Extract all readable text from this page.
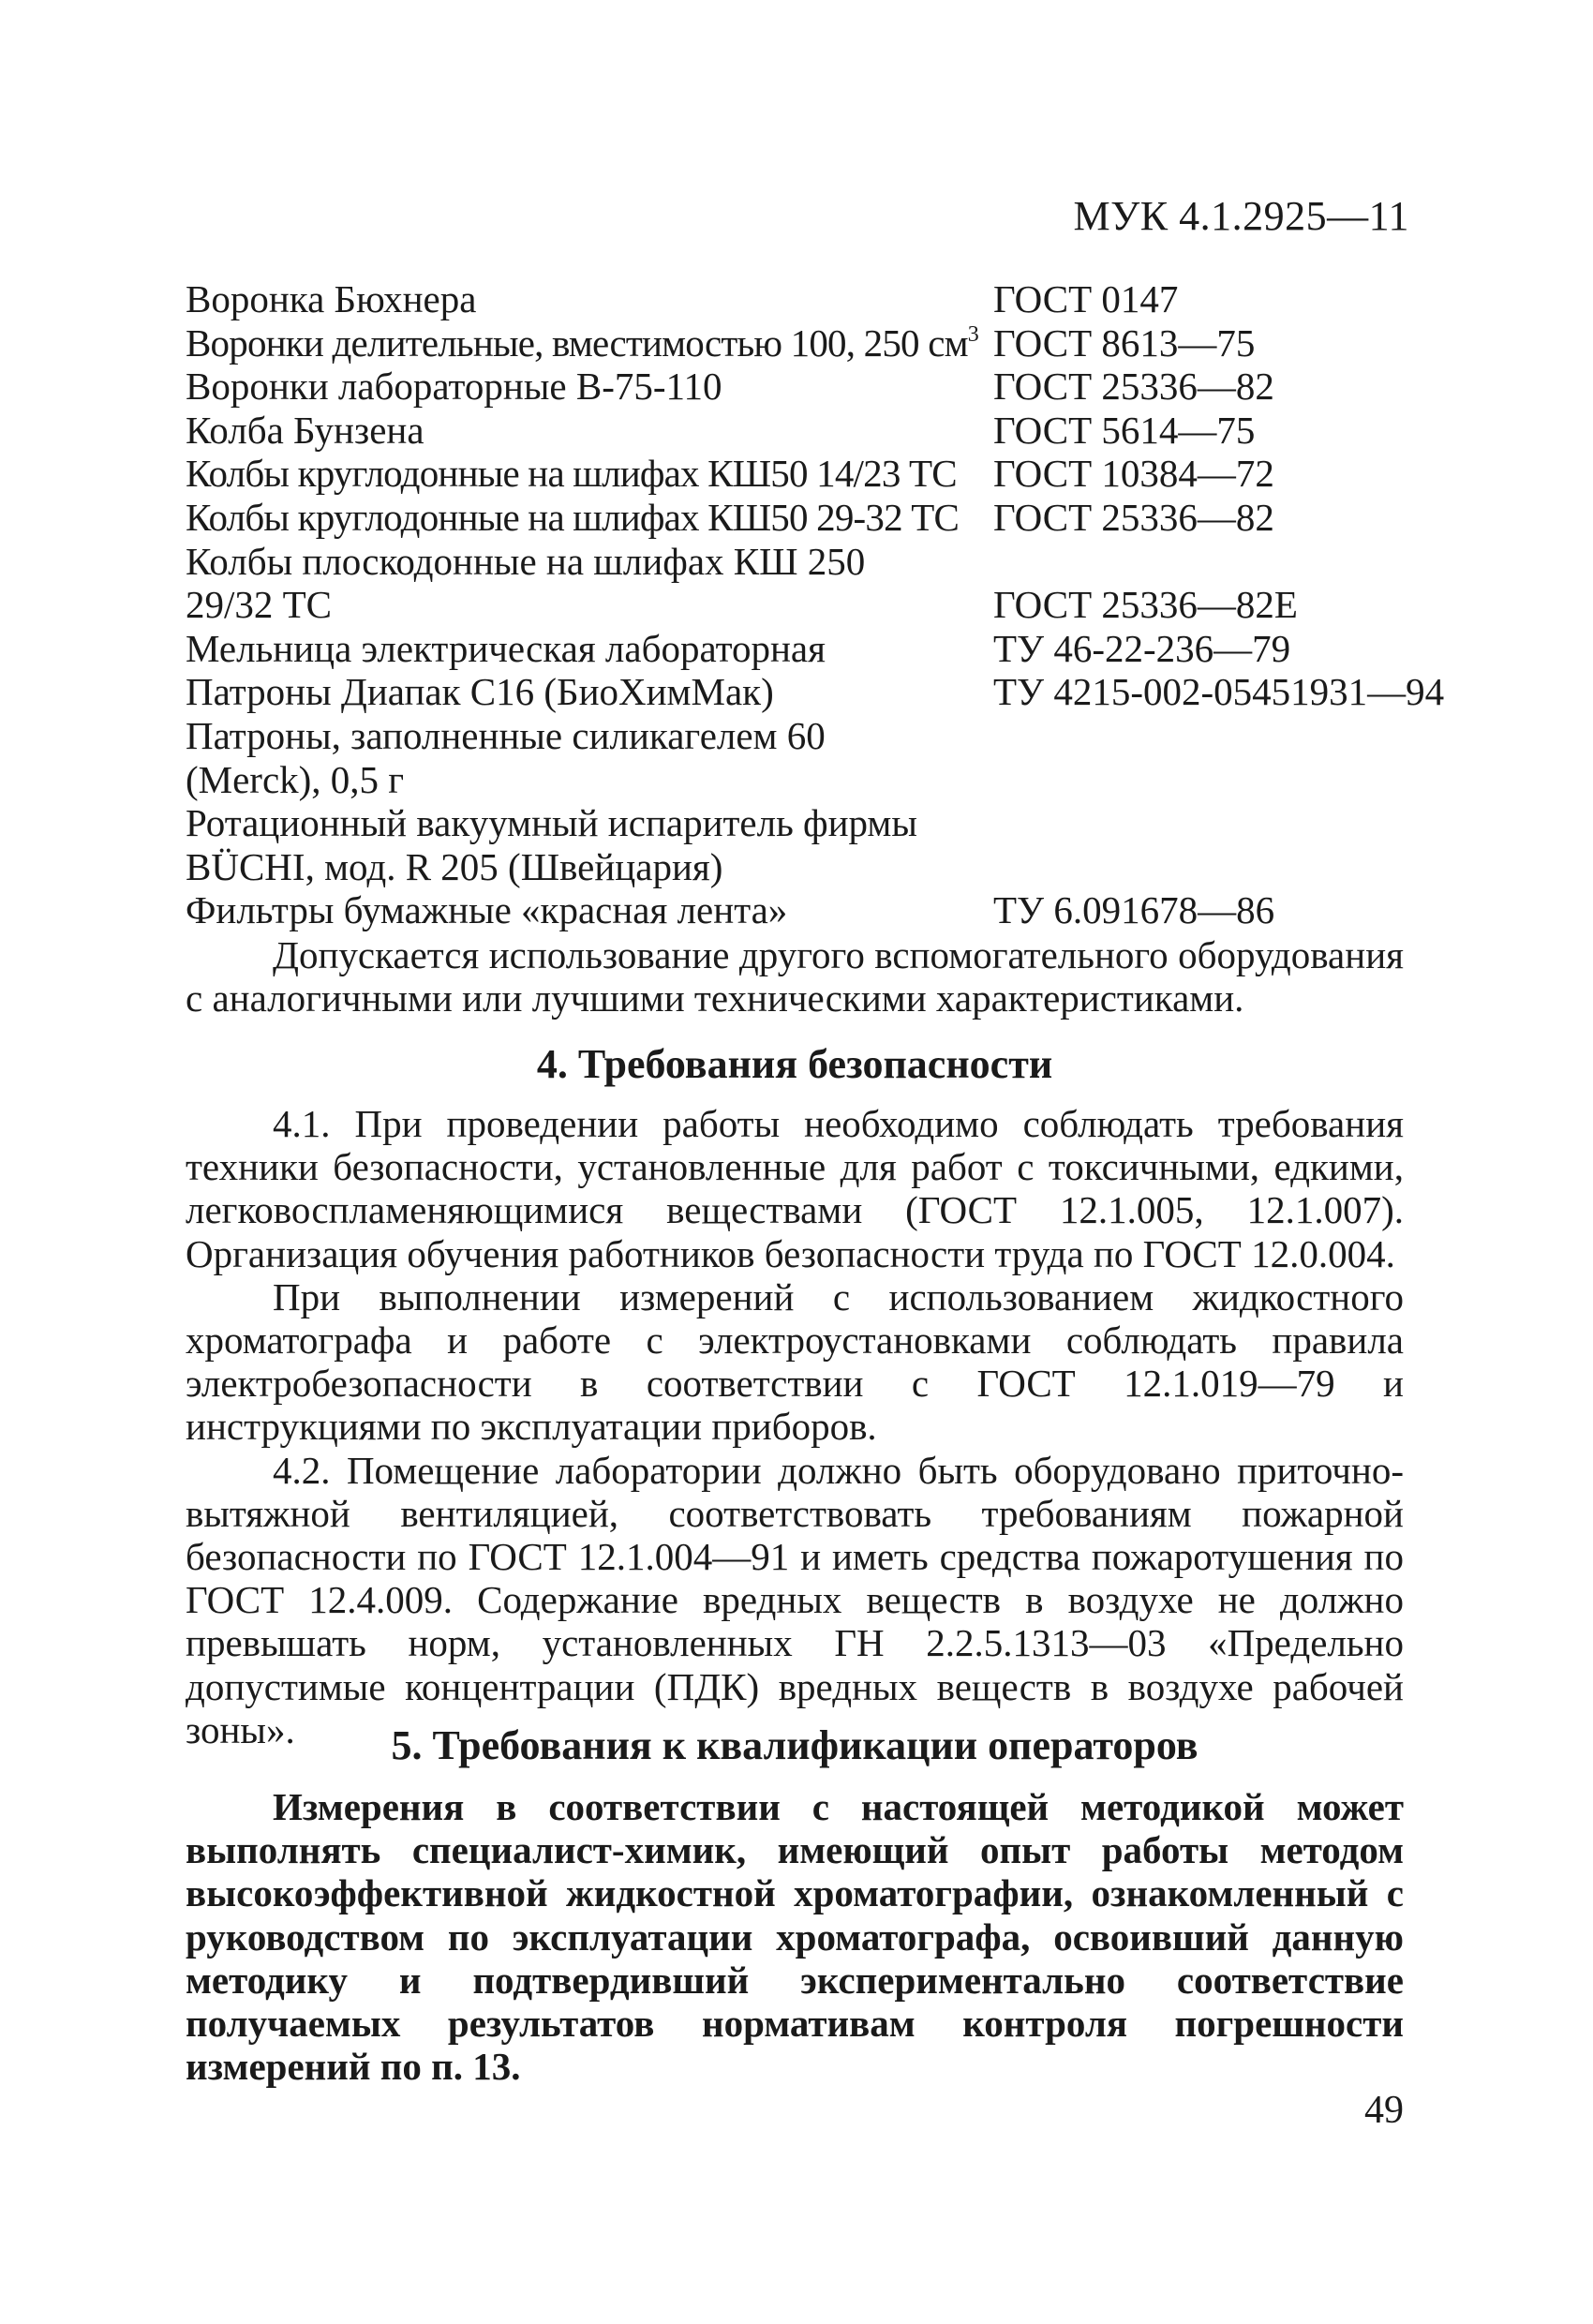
МУК 4.1.2925—11
Воронка Бюхнера	ГОСТ 0147
Воронки делительные, вместимостью 100, 250 $см^3$ ГОСТ 8613—75
Воронки лабораторные В-75-110	ГОСТ 25336—82
Колба Бунзена	ГОСТ 5614—75
Колбы круглодонные на шлифах КШ50 14/23 ТС ГОСТ 10384—72
Колбы круглодонные на шлифах КШ50 29-32 ТС ГОСТ 25336—82
Колбы плоскодонные на шлифах КШ 250
29/32 ТС	ГОСТ 25336—82Е
Мельница электрическая лабораторная	ТУ 46-22-236—79
Патроны Диапак С16 (БиоХимМак)	ТУ 4215-002-05451931—94
Патроны, заполненные силикагелем 60
(Merck), 0,5 г
Ротационный вакуумный испаритель фирмы
BÜCHI, мод. R 205 (Швейцария)
Фильтры бумажные «красная лента»	ТУ 6.091678—86

Допускается использование другого вспомогательного оборудования с аналогичными или лучшими техническими характеристиками.

4. Требования безопасности

4.1. При проведении работы необходимо соблюдать требования техники безопасности, установленные для работ с токсичными, едкими, легковоспламеняющимися веществами (ГОСТ 12.1.005, 12.1.007). Организация обучения работников безопасности труда по ГОСТ 12.0.004.

При выполнении измерений с использованием жидкостного хроматографа и работе с электроустановками соблюдать правила электробезопасности в соответствии с ГОСТ 12.1.019—79 и инструкциями по эксплуатации приборов.

4.2. Помещение лаборатории должно быть оборудовано приточно-вытяжной вентиляцией, соответствовать требованиям пожарной безопасности по ГОСТ 12.1.004—91 и иметь средства пожаротушения по ГОСТ 12.4.009. Содержание вредных веществ в воздухе не должно превышать норм, установленных ГН 2.2.5.1313—03 «Предельно допустимые концентрации (ПДК) вредных веществ в воздухе рабочей зоны».	5. Требования к квалификации операторов

Измерения в соответствии с настоящей методикой может выполнять специалист-химик, имеющий опыт работы методом высокоэффективной жидкостной хроматографии, ознакомленный с руководством по эксплуатации хроматографа, освоивший данную методику и подтвердивший экспериментально соответствие получаемых результатов нормативам контроля погрешности измерений по п. 13.

49
